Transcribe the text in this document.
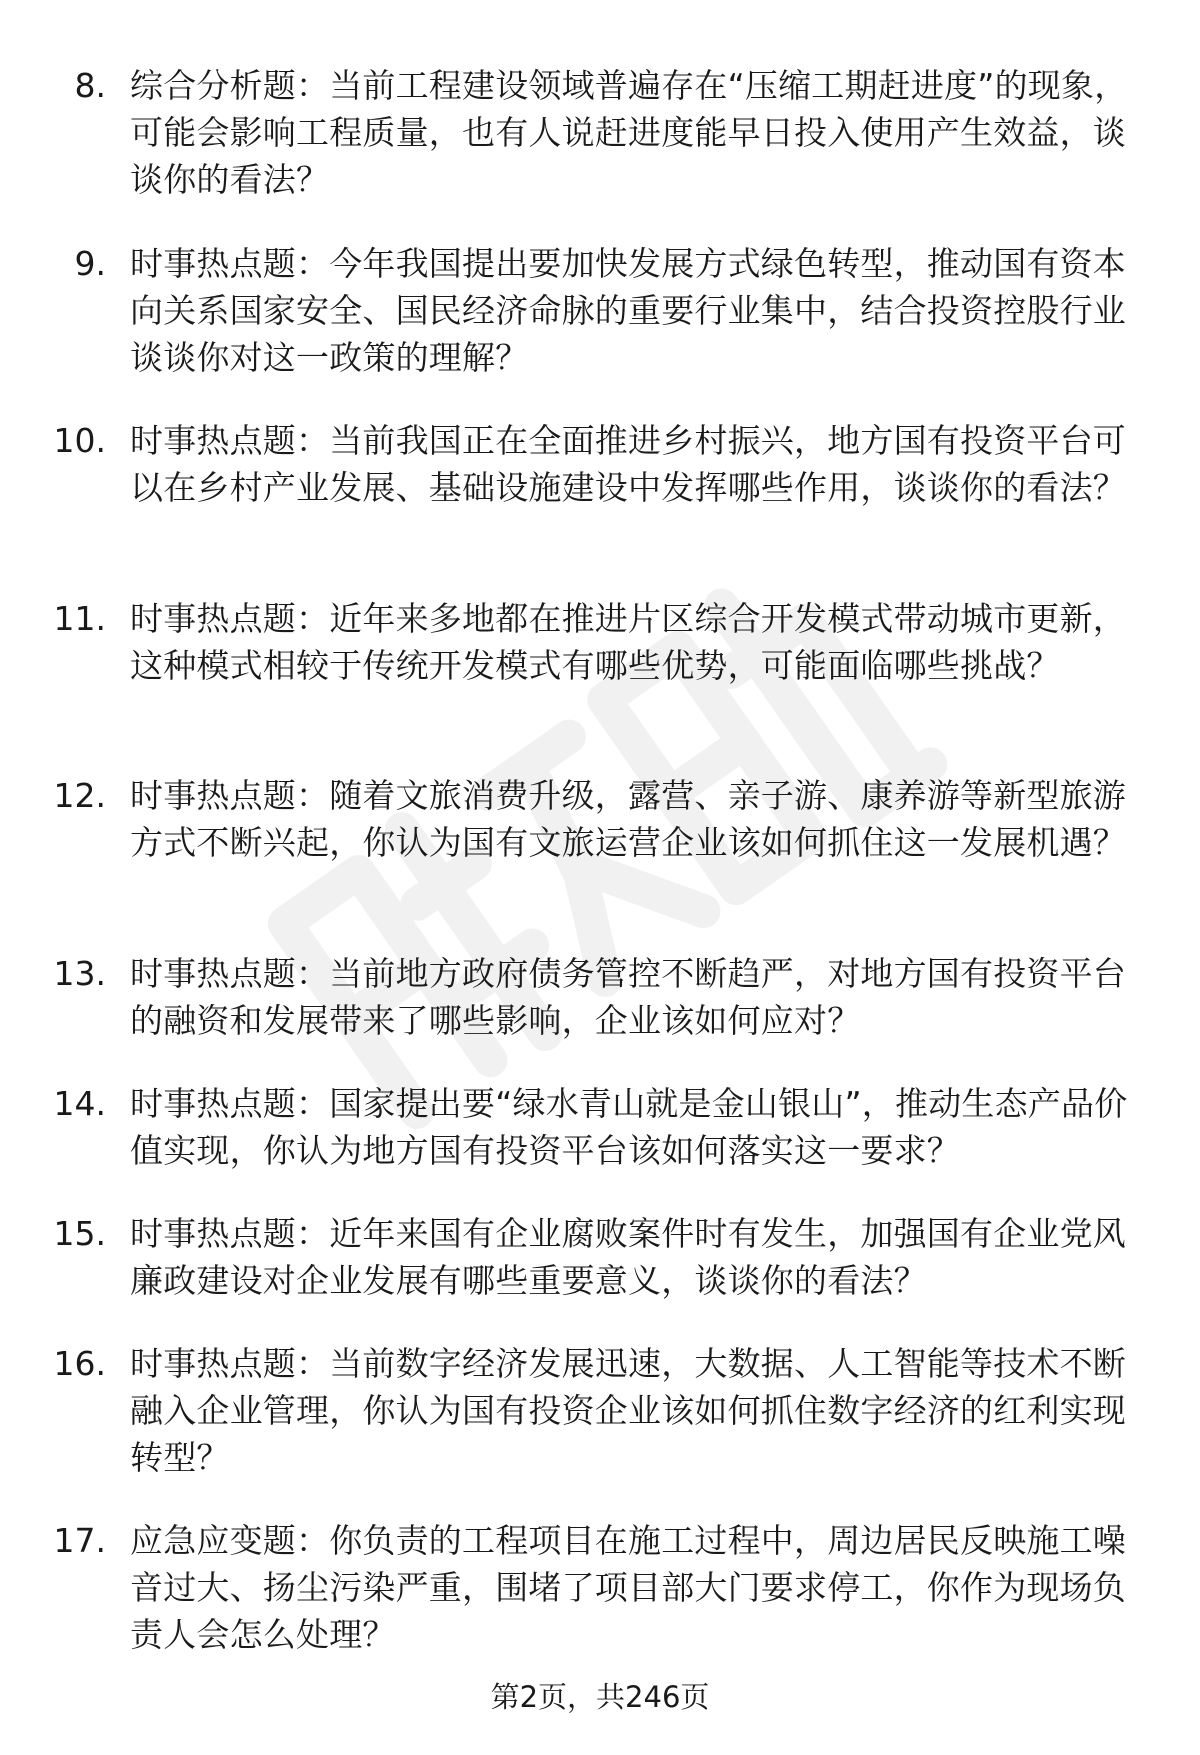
8. 综合分析题：当前工程建设领域普遍存在“压缩工期赶进度”的现象，可能会影响工程质量，也有人说赶进度能早日投入使用产生效益，谈谈你的看法？
9. 时事热点题：今年我国提出要加快发展方式绿色转型，推动国有资本向关系国家安全、国民经济命脉的重要行业集中，结合投资控股行业谈谈你对这一政策的理解？
10. 时事热点题：当前我国正在全面推进乡村振兴，地方国有投资平台可以在乡村产业发展、基础设施建设中发挥哪些作用，谈谈你的看法？
11. 时事热点题：近年来多地都在推进片区综合开发模式带动城市更新，这种模式相较于传统开发模式有哪些优势，可能面临哪些挑战？
12. 时事热点题：随着文旅消费升级，露营、亲子游、康养游等新型旅游方式不断兴起，你认为国有文旅运营企业该如何抓住这一发展机遇？
13. 时事热点题：当前地方政府债务管控不断趋严，对地方国有投资平台的融资和发展带来了哪些影响，企业该如何应对？
14. 时事热点题：国家提出要“绿水青山就是金山银山”，推动生态产品价值实现，你认为地方国有投资平台该如何落实这一要求？
15. 时事热点题：近年来国有企业腐败案件时有发生，加强国有企业党风廉政建设对企业发展有哪些重要意义，谈谈你的看法？
16. 时事热点题：当前数字经济发展迅速，大数据、人工智能等技术不断融入企业管理，你认为国有投资企业该如何抓住数字经济的红利实现转型？
17. 应急应变题：你负责的工程项目在施工过程中，周边居民反映施工噪音过大、扬尘污染严重，围堵了项目部大门要求停工，你作为现场负责人会怎么处理？
第2页，共246页
